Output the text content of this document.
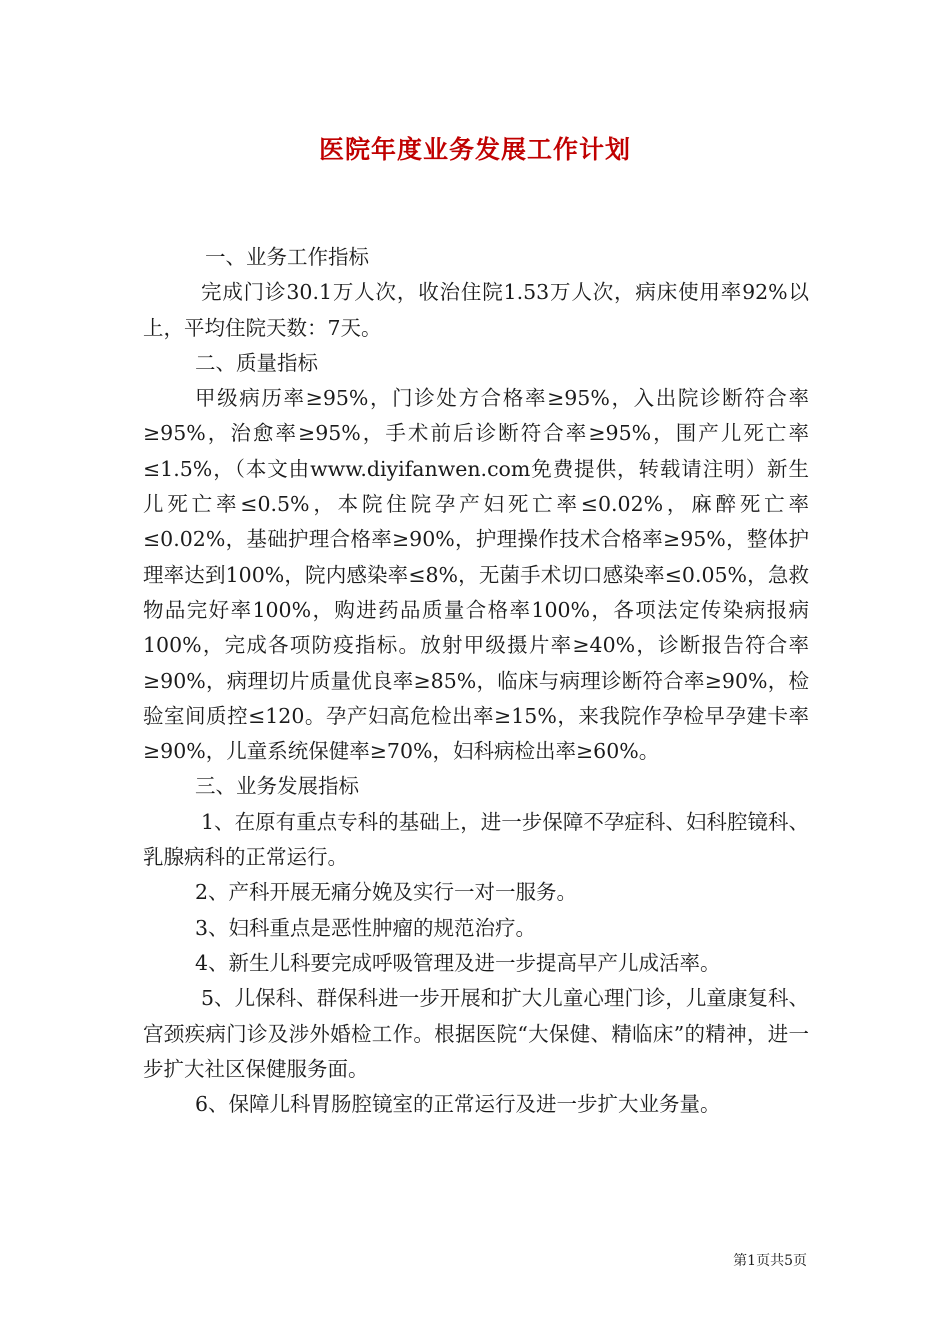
医院年度业务发展工作计划

一、业务工作指标

完成门诊30.1万人次，收治住院1.53万人次，病床使用率92%以上，平均住院天数：7天。

二、质量指标

甲级病历率≥95%，门诊处方合格率≥95%，入出院诊断符合率≥95%，治愈率≥95%，手术前后诊断符合率≥95%，围产儿死亡率≤1.5%，（本文由www.diyifanwen.com免费提供，转载请注明）新生儿死亡率≤0.5%，本院住院孕产妇死亡率≤0.02%，麻醉死亡率≤0.02%，基础护理合格率≥90%，护理操作技术合格率≥95%，整体护理率达到100%，院内感染率≤8%，无菌手术切口感染率≤0.05%，急救物品完好率100%，购进药品质量合格率100%，各项法定传染病报病100%，完成各项防疫指标。放射甲级摄片率≥40%，诊断报告符合率≥90%，病理切片质量优良率≥85%，临床与病理诊断符合率≥90%，检验室间质控≤120。孕产妇高危检出率≥15%，来我院作孕检早孕建卡率≥90%，儿童系统保健率≥70%，妇科病检出率≥60%。

三、业务发展指标

1、在原有重点专科的基础上，进一步保障不孕症科、妇科腔镜科、乳腺病科的正常运行。

2、产科开展无痛分娩及实行一对一服务。

3、妇科重点是恶性肿瘤的规范治疗。

4、新生儿科要完成呼吸管理及进一步提高早产儿成活率。

5、儿保科、群保科进一步开展和扩大儿童心理门诊，儿童康复科、宫颈疾病门诊及涉外婚检工作。根据医院“大保健、精临床”的精神，进一步扩大社区保健服务面。

6、保障儿科胃肠腔镜室的正常运行及进一步扩大业务量。

第1页共5页
